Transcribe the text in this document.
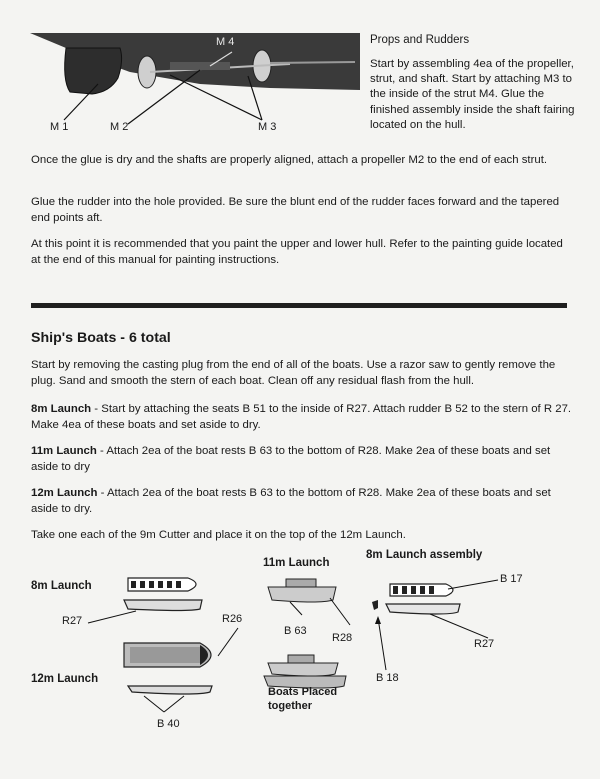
M 1	M 2	M 3
M 4	Props and Rudders
Start by assembling 4ea of the propeller, strut, and shaft. Start by attaching M3 to the inside of the strut M4. Glue the finished assembly inside the shaft fairing located on the hull.
Once the glue is dry and the shafts are properly aligned, attach a propeller M2 to the end of each strut.
Glue the rudder into the hole provided. Be sure the blunt end of the rudder faces forward and the tapered end points aft.
At this point it is recommended that you paint the upper and lower hull. Refer to the painting guide located at the end of this manual for painting instructions.
Ship's Boats - 6 total
Start by removing the casting plug from the end of all of the boats. Use a razor saw to gently remove the plug. Sand and smooth the stern of each boat. Clean off any residual flash from the hull.
8m Launch - Start by attaching the seats B 51 to the inside of R27. Attach rudder B 52 to the stern of R 27. Make 4ea of these boats and set aside to dry.
11m Launch - Attach 2ea of the boat rests B 63 to the bottom of R28. Make 2ea of these boats and set aside to dry
12m Launch - Attach 2ea of the boat rests B 63 to the bottom of R28. Make 2ea of these boats and set aside to dry.
Take one each of the 9m Cutter and place it on the top of the 12m Launch.
8m Launch
12m Launch
11m Launch
8m Launch assembly
R27	R26
B 40
B 63
R28
Boats Placed
together
B 17
R27
B 18
